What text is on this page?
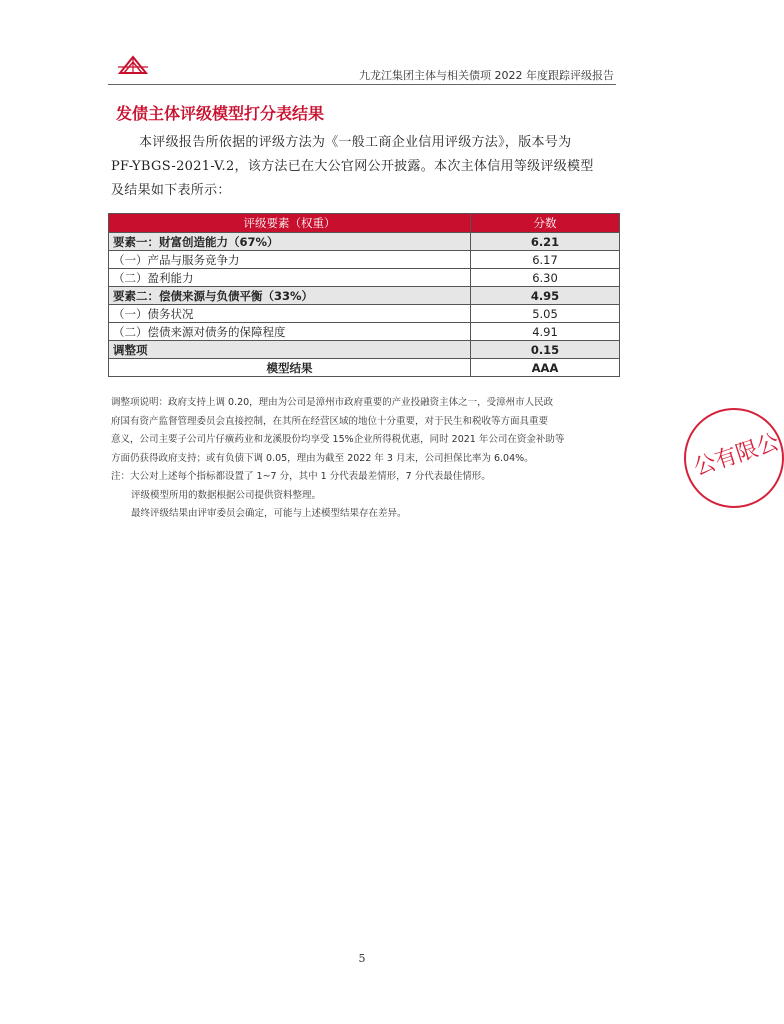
九龙江集团主体与相关债项 2022 年度跟踪评级报告
发债主体评级模型打分表结果
本评级报告所依据的评级方法为《一般工商企业信用评级方法》，版本号为
PF-YBGS-2021-V.2，该方法已在大公官网公开披露。本次主体信用等级评级模型
及结果如下表所示：
评级要素（权重）	分数
要素一：财富创造能力（67%）	6.21
（一）产品与服务竞争力	6.17
（二）盈利能力	6.30
要素二：偿债来源与负债平衡（33%）	4.95
（一）债务状况	5.05
（二）偿债来源对债务的保障程度	4.91
调整项	0.15
模型结果	AAA

调整项说明：政府支持上调 0.20，理由为公司是漳州市政府重要的产业投融资主体之一，受漳州市人民政

府国有资产监督管理委员会直接控制，在其所在经营区域的地位十分重要，对于民生和税收等方面具重要

意义，公司主要子公司片仔癀药业和龙溪股份均享受 15%企业所得税优惠，同时 2021 年公司在资金补助等

方面仍获得政府支持；或有负债下调 0.05，理由为截至 2022 年 3 月末，公司担保比率为 6.04%。

注：大公对上述每个指标都设置了 1~7 分，其中 1 分代表最差情形，7 分代表最佳情形。

评级模型所用的数据根据公司提供资料整理。

最终评级结果由评审委员会确定，可能与上述模型结果存在差异。

公有限公
5
